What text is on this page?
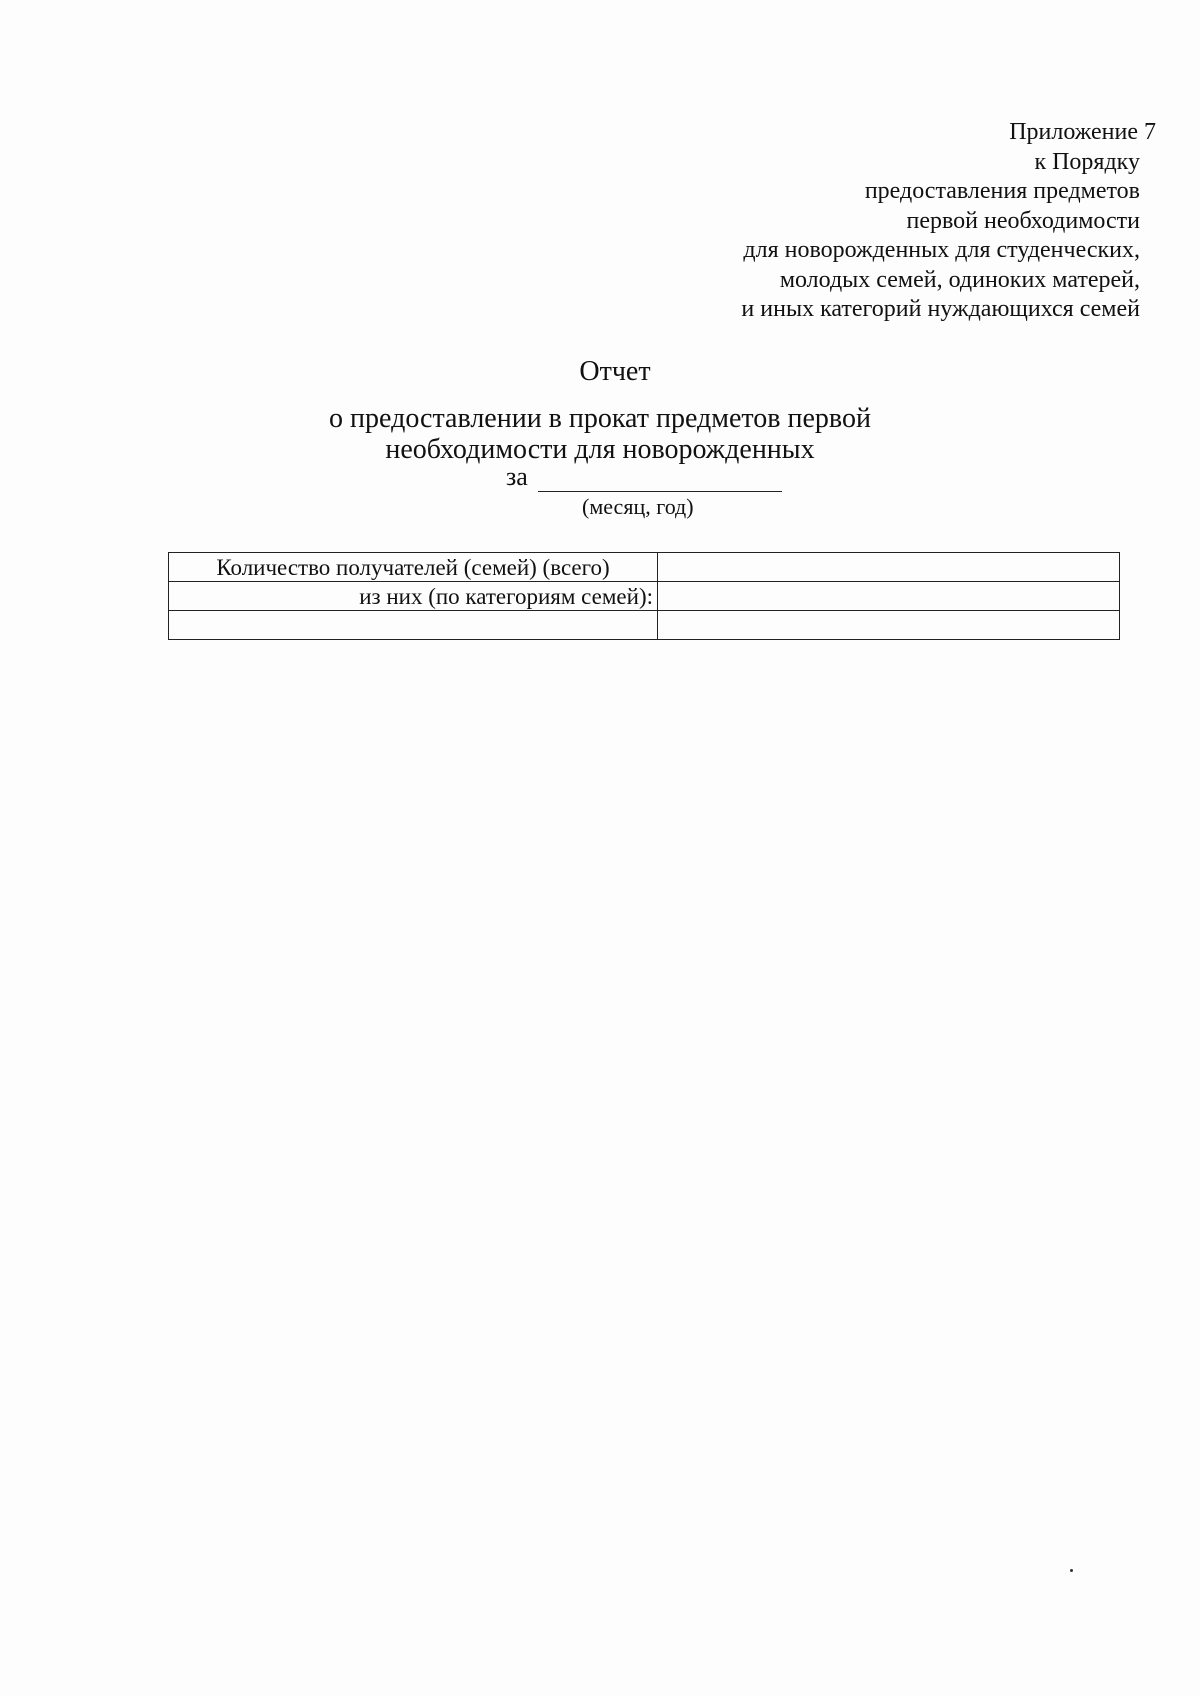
Приложение 7
к Порядку
предоставления предметов
первой необходимости
для новорожденных для студенческих,
молодых семей, одиноких матерей,
и иных категорий нуждающихся семей
Отчет
о предоставлении в прокат предметов первой
необходимости для новорожденных
за
(месяц, год)
Количество получателей (семей) (всего)	
из них (по категориям семей):	
